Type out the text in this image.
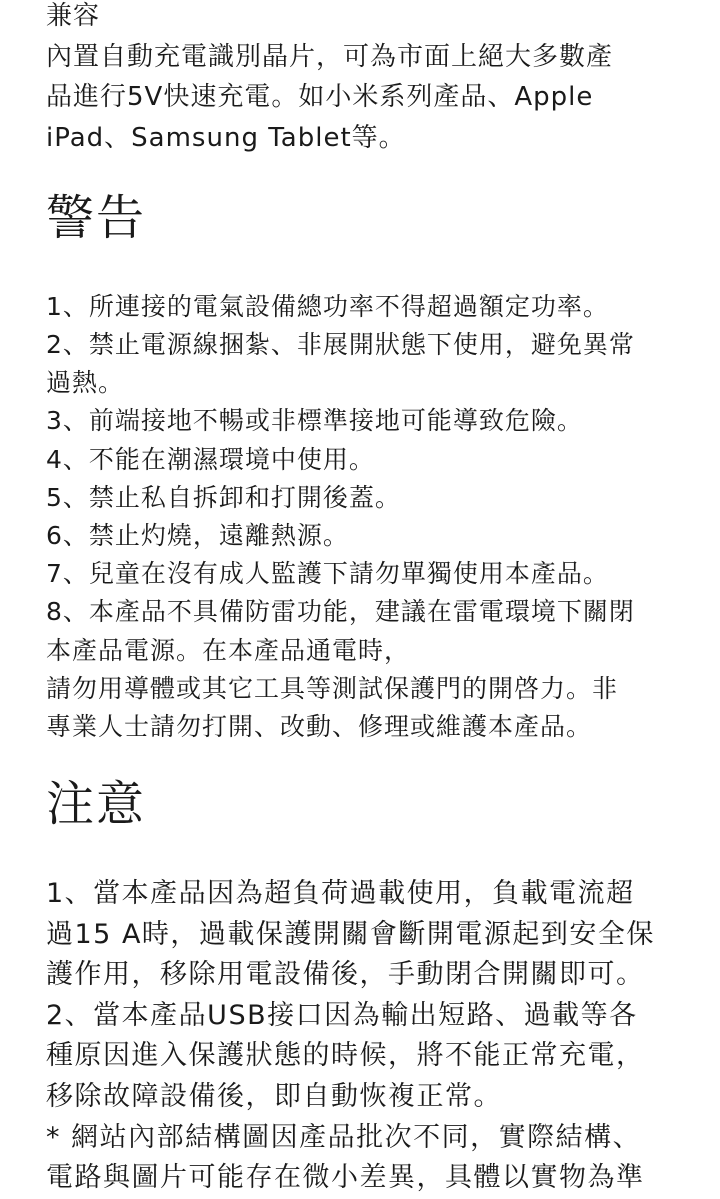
兼容
內置自動充電識別晶片，可為市面上絕大多數產
品進行5V快速充電。如小米系列產品、Apple
iPad、Samsung Tablet等。
警告
1、所連接的電氣設備總功率不得超過額定功率。
2、禁止電源線捆紮、非展開狀態下使用，避免異常
過熱。
3、前端接地不暢或非標準接地可能導致危險。
4、不能在潮濕環境中使用。
5、禁止私自拆卸和打開後蓋。
6、禁止灼燒，遠離熱源。
7、兒童在沒有成人監護下請勿單獨使用本產品。
8、本產品不具備防雷功能，建議在雷電環境下關閉
本產品電源。在本產品通電時，
請勿用導體或其它工具等測試保護門的開啓力。非
專業人士請勿打開、改動、修理或維護本產品。
注意
1、當本產品因為超負荷過載使用，負載電流超
過15 A時，過載保護開關會斷開電源起到安全保
護作用，移除用電設備後，手動閉合開關即可。
2、當本產品USB接口因為輸出短路、過載等各
種原因進入保護狀態的時候，將不能正常充電，
移除故障設備後，即自動恢複正常。
* 網站內部結構圖因產品批次不同，實際結構、
電路與圖片可能存在微小差異，具體以實物為準
